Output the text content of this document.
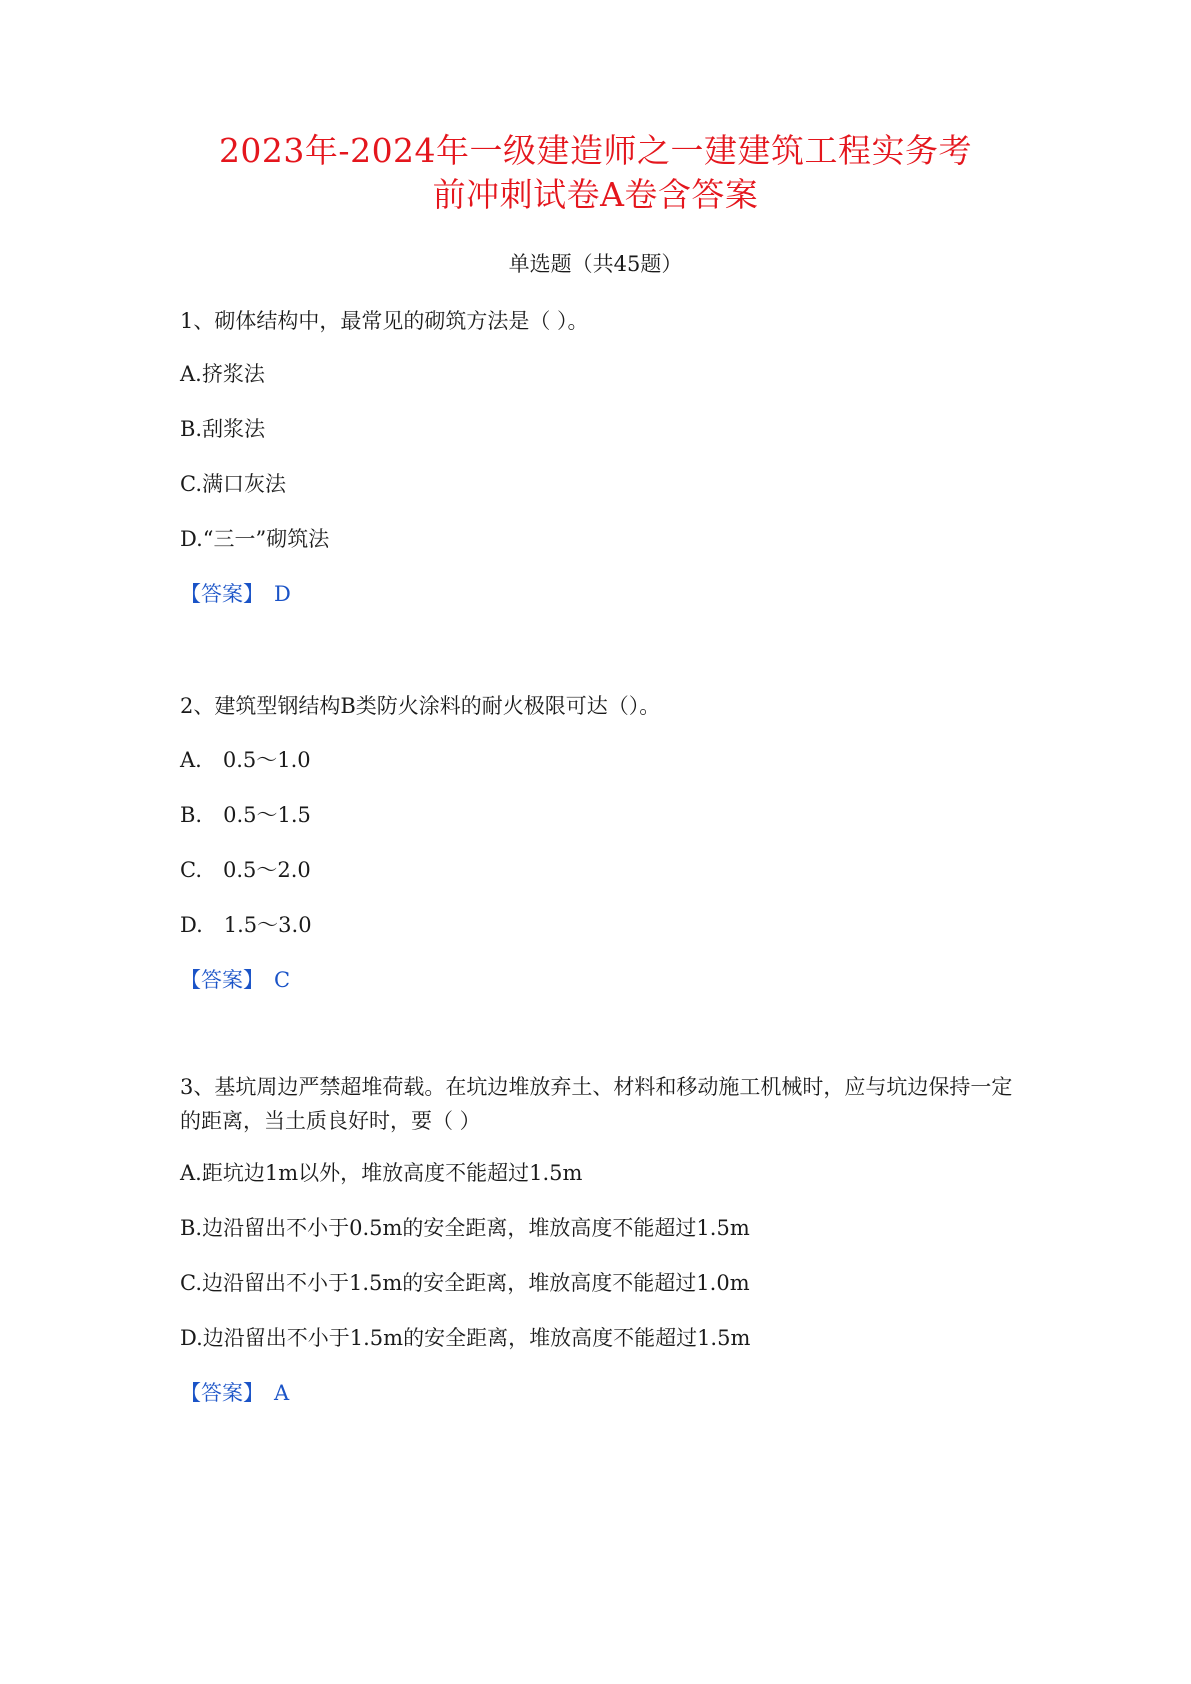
2023年-2024年一级建造师之一建建筑工程实务考
前冲刺试卷A卷含答案
单选题（共45题）
1、砌体结构中，最常见的砌筑方法是（ ）。
A.挤浆法
B.刮浆法
C.满口灰法
D.“三一”砌筑法
【答案】 D
2、建筑型钢结构B类防火涂料的耐火极限可达（）。
A.　0.5～1.0
B.　0.5～1.5
C.　0.5～2.0
D.　1.5～3.0
【答案】 C
3、基坑周边严禁超堆荷载。在坑边堆放弃土、材料和移动施工机械时，应与坑边保持一定的距离，当土质良好时，要（ ）
A.距坑边1m以外，堆放高度不能超过1.5m
B.边沿留出不小于0.5m的安全距离，堆放高度不能超过1.5m
C.边沿留出不小于1.5m的安全距离，堆放高度不能超过1.0m
D.边沿留出不小于1.5m的安全距离，堆放高度不能超过1.5m
【答案】 A
